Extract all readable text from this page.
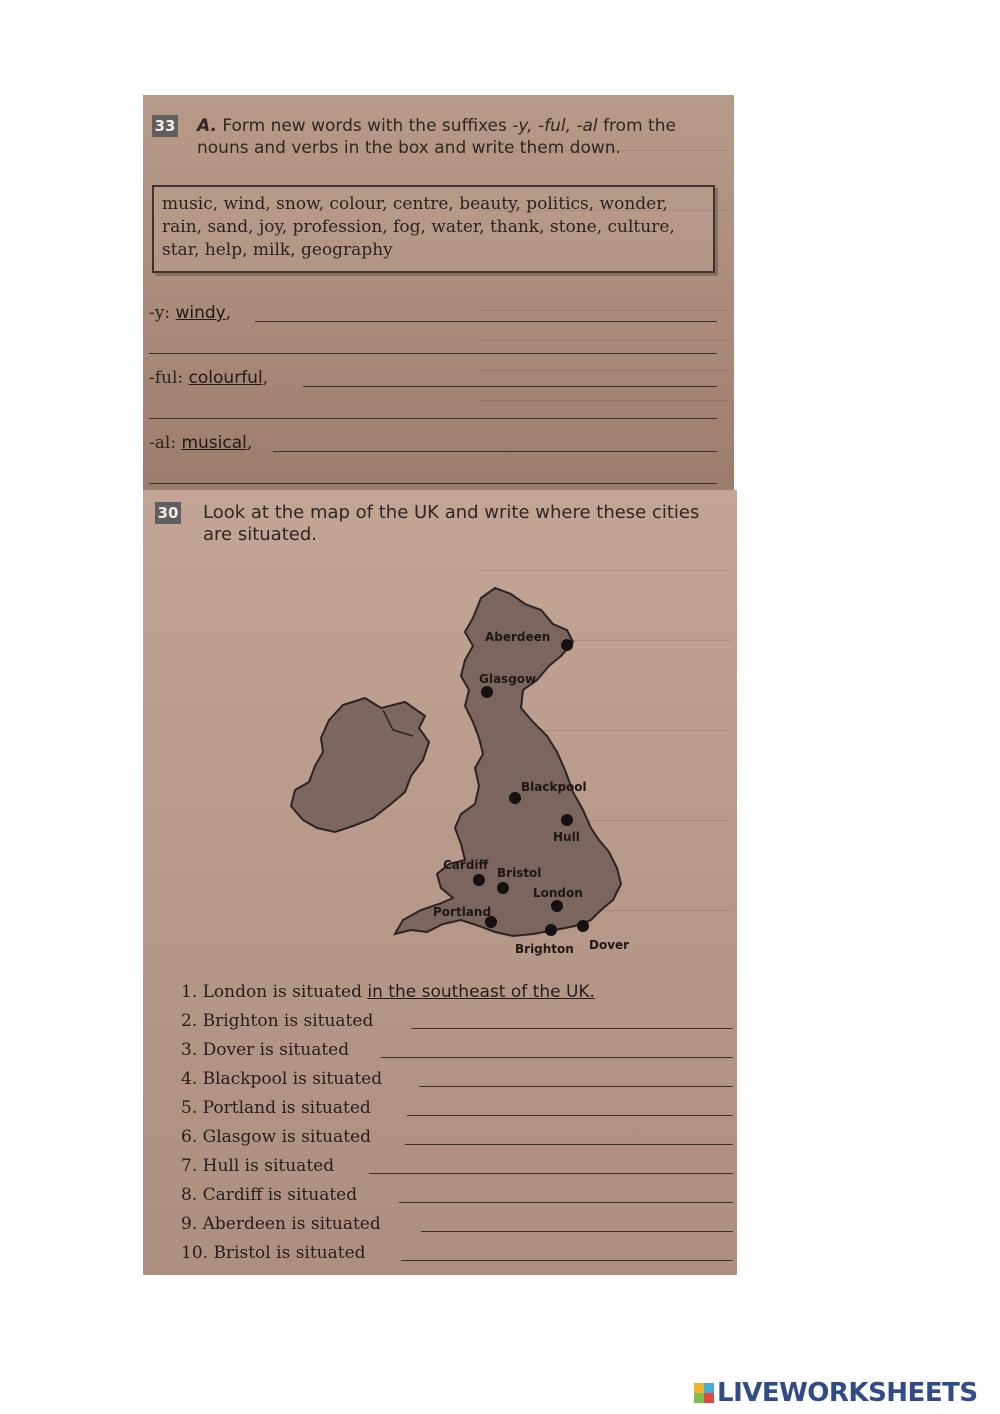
33 A. Form new words with the suffixes -y, -ful, -al from the nouns and verbs in the box and write them down.
music, wind, snow, colour, centre, beauty, politics, wonder, rain, sand, joy, profession, fog, water, thank, stone, culture, star, help, milk, geography
-y: windy,
-ful: colourful,
-al: musical,
30 Look at the map of the UK and write where these cities are situated.
Aberdeen
Glasgow
Blackpool
Hull
Cardiff
Bristol
London
Portland
Brighton Dover
1. London is situated in the southeast of the UK.
2. Brighton is situated
3. Dover is situated
4. Blackpool is situated
5. Portland is situated
6. Glasgow is situated
7. Hull is situated
8. Cardiff is situated
9. Aberdeen is situated
10. Bristol is situated
LIVEWORKSHEETS
